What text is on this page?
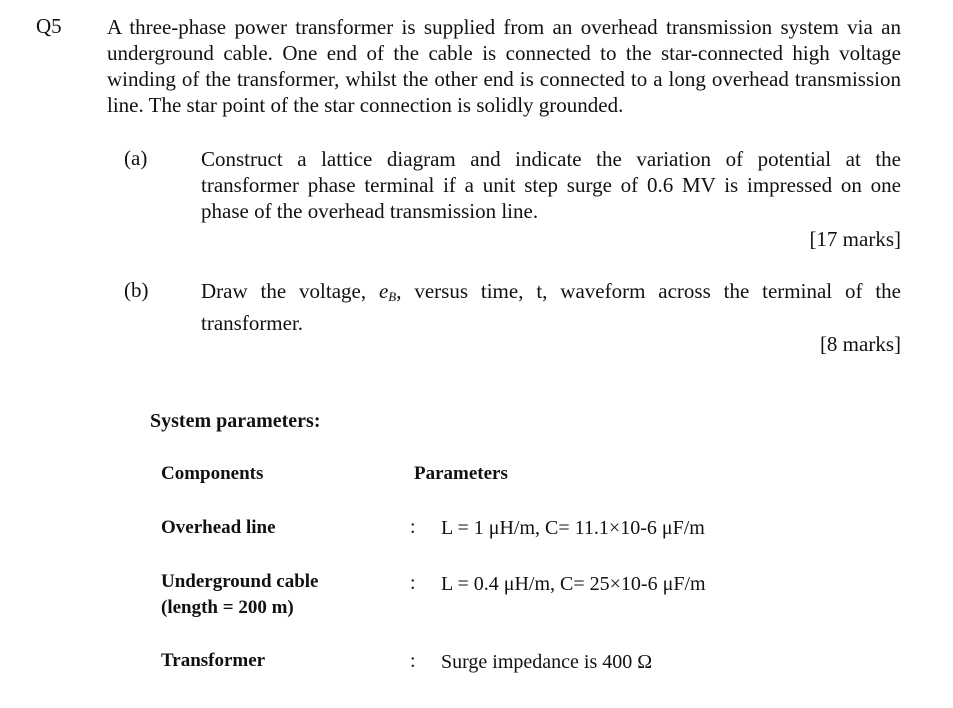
Q5 A three-phase power transformer is supplied from an overhead transmission system via an underground cable. One end of the cable is connected to the star-connected high voltage winding of the transformer, whilst the other end is connected to a long overhead transmission line. The star point of the star connection is solidly grounded.
(a)	Construct a lattice diagram and indicate the variation of potential at the transformer phase terminal if a unit step surge of 0.6 MV is impressed on one phase of the overhead transmission line.
[17 marks]
(b)	Draw the voltage, $e_B$, versus time, t, waveform across the terminal of the transformer.
[8 marks]
System parameters:
Components	Parameters
Overhead line	: L = 1 μH/m, C= 11.1×10-6 μF/m
Underground cable
(length = 200 m)
: L = 0.4 μH/m, C= 25×10-6 μF/m
Transformer	: Surge impedance is 400 Ω
